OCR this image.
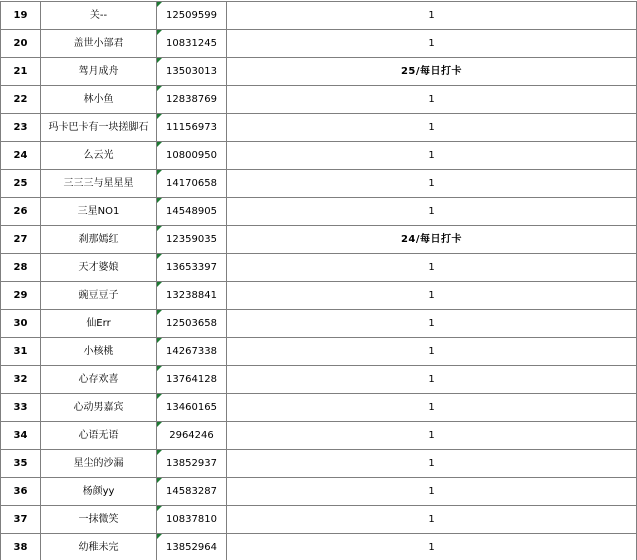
19	关--	12509599	1
20	盖世小部君	10831245	1
21	驾月成舟	13503013	25/每日打卡
22	林小鱼	12838769	1
23	玛卡巴卡有一块搓脚石	11156973	1
24	么云光	10800950	1
25	三三三与星星星	14170658	1
26	三星NO1	14548905	1
27	刹那嫣红	12359035	24/每日打卡
28	天才婆娘	13653397	1
29	豌豆豆子	13238841	1
30	仙Err	12503658	1
31	小核桃	14267338	1
32	心存欢喜	13764128	1
33	心动男嘉宾	13460165	1
34	心语无语	2964246	1
35	星尘的沙漏	13852937	1
36	杨颜yy	14583287	1
37	一抹微笑	10837810	1
38	幼稚未完	13852964	1
